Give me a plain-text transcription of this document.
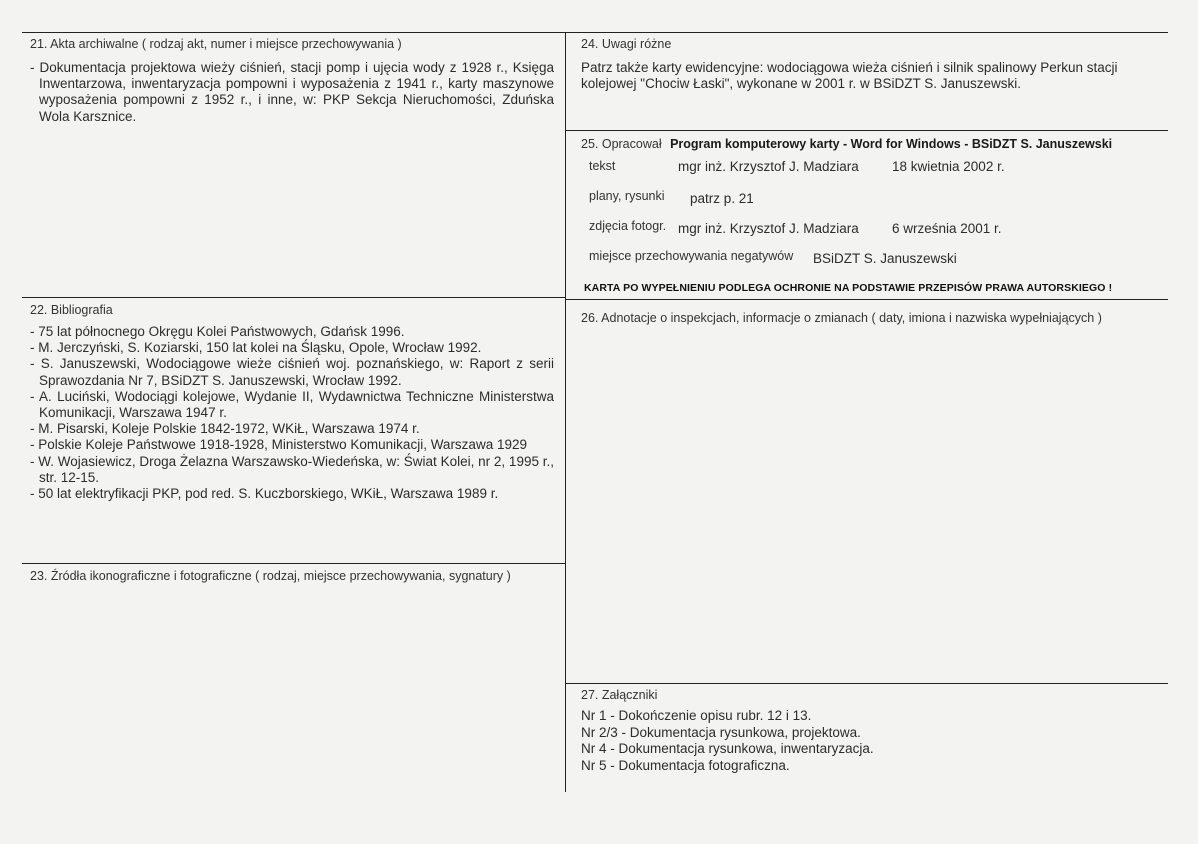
21. Akta archiwalne ( rodzaj akt, numer i miejsce przechowywania )
- Dokumentacja projektowa wieży ciśnień, stacji pomp i ujęcia wody z 1928 r., Księga Inwentarzowa, inwentaryzacja pompowni i wyposażenia z 1941 r., karty maszynowe wyposażenia pompowni z 1952 r., i inne, w: PKP Sekcja Nieruchomości, Zduńska Wola Karsznice.
22. Bibliografia
- 75 lat północnego Okręgu Kolei Państwowych, Gdańsk 1996.
- M. Jerczyński, S. Koziarski, 150 lat kolei na Śląsku, Opole, Wrocław 1992.
- S. Januszewski, Wodociągowe wieże ciśnień woj. poznańskiego, w: Raport z serii Sprawozdania Nr 7, BSiDZT S. Januszewski, Wrocław 1992.
- A. Luciński, Wodociągi kolejowe, Wydanie II, Wydawnictwa Techniczne Ministerstwa Komunikacji, Warszawa 1947 r.
- M. Pisarski, Koleje Polskie 1842-1972, WKiŁ, Warszawa 1974 r.
- Polskie Koleje Państwowe 1918-1928, Ministerstwo Komunikacji, Warszawa 1929
- W. Wojasiewicz, Droga Żelazna Warszawsko-Wiedeńska, w: Świat Kolei, nr 2, 1995 r., str. 12-15.
- 50 lat elektryfikacji PKP, pod red. S. Kuczborskiego, WKiŁ, Warszawa 1989 r.
23. Źródła ikonograficzne i fotograficzne ( rodzaj, miejsce przechowywania, sygnatury )
24. Uwagi różne
Patrz także karty ewidencyjne: wodociągowa wieża ciśnień i silnik spalinowy Perkun stacji kolejowej "Chociw Łaski", wykonane w 2001 r. w BSiDZT S. Januszewski.
25. Opracował Program komputerowy karty - Word for Windows - BSiDZT S. Januszewski
tekst	mgr inż. Krzysztof J. Madziara 18 kwietnia 2002 r.
plany, rysunki patrz p. 21
zdjęcia fotogr. mgr inż. Krzysztof J. Madziara 6 września 2001 r.
miejsce przechowywania negatywów BSiDZT S. Januszewski
KARTA PO WYPEŁNIENIU PODLEGA OCHRONIE NA PODSTAWIE PRZEPISÓW PRAWA AUTORSKIEGO !
26. Adnotacje o inspekcjach, informacje o zmianach ( daty, imiona i nazwiska wypełniających )
27. Załączniki
Nr 1 - Dokończenie opisu rubr. 12 i 13.
Nr 2/3 - Dokumentacja rysunkowa, projektowa.
Nr 4 - Dokumentacja rysunkowa, inwentaryzacja.
Nr 5 - Dokumentacja fotograficzna.
